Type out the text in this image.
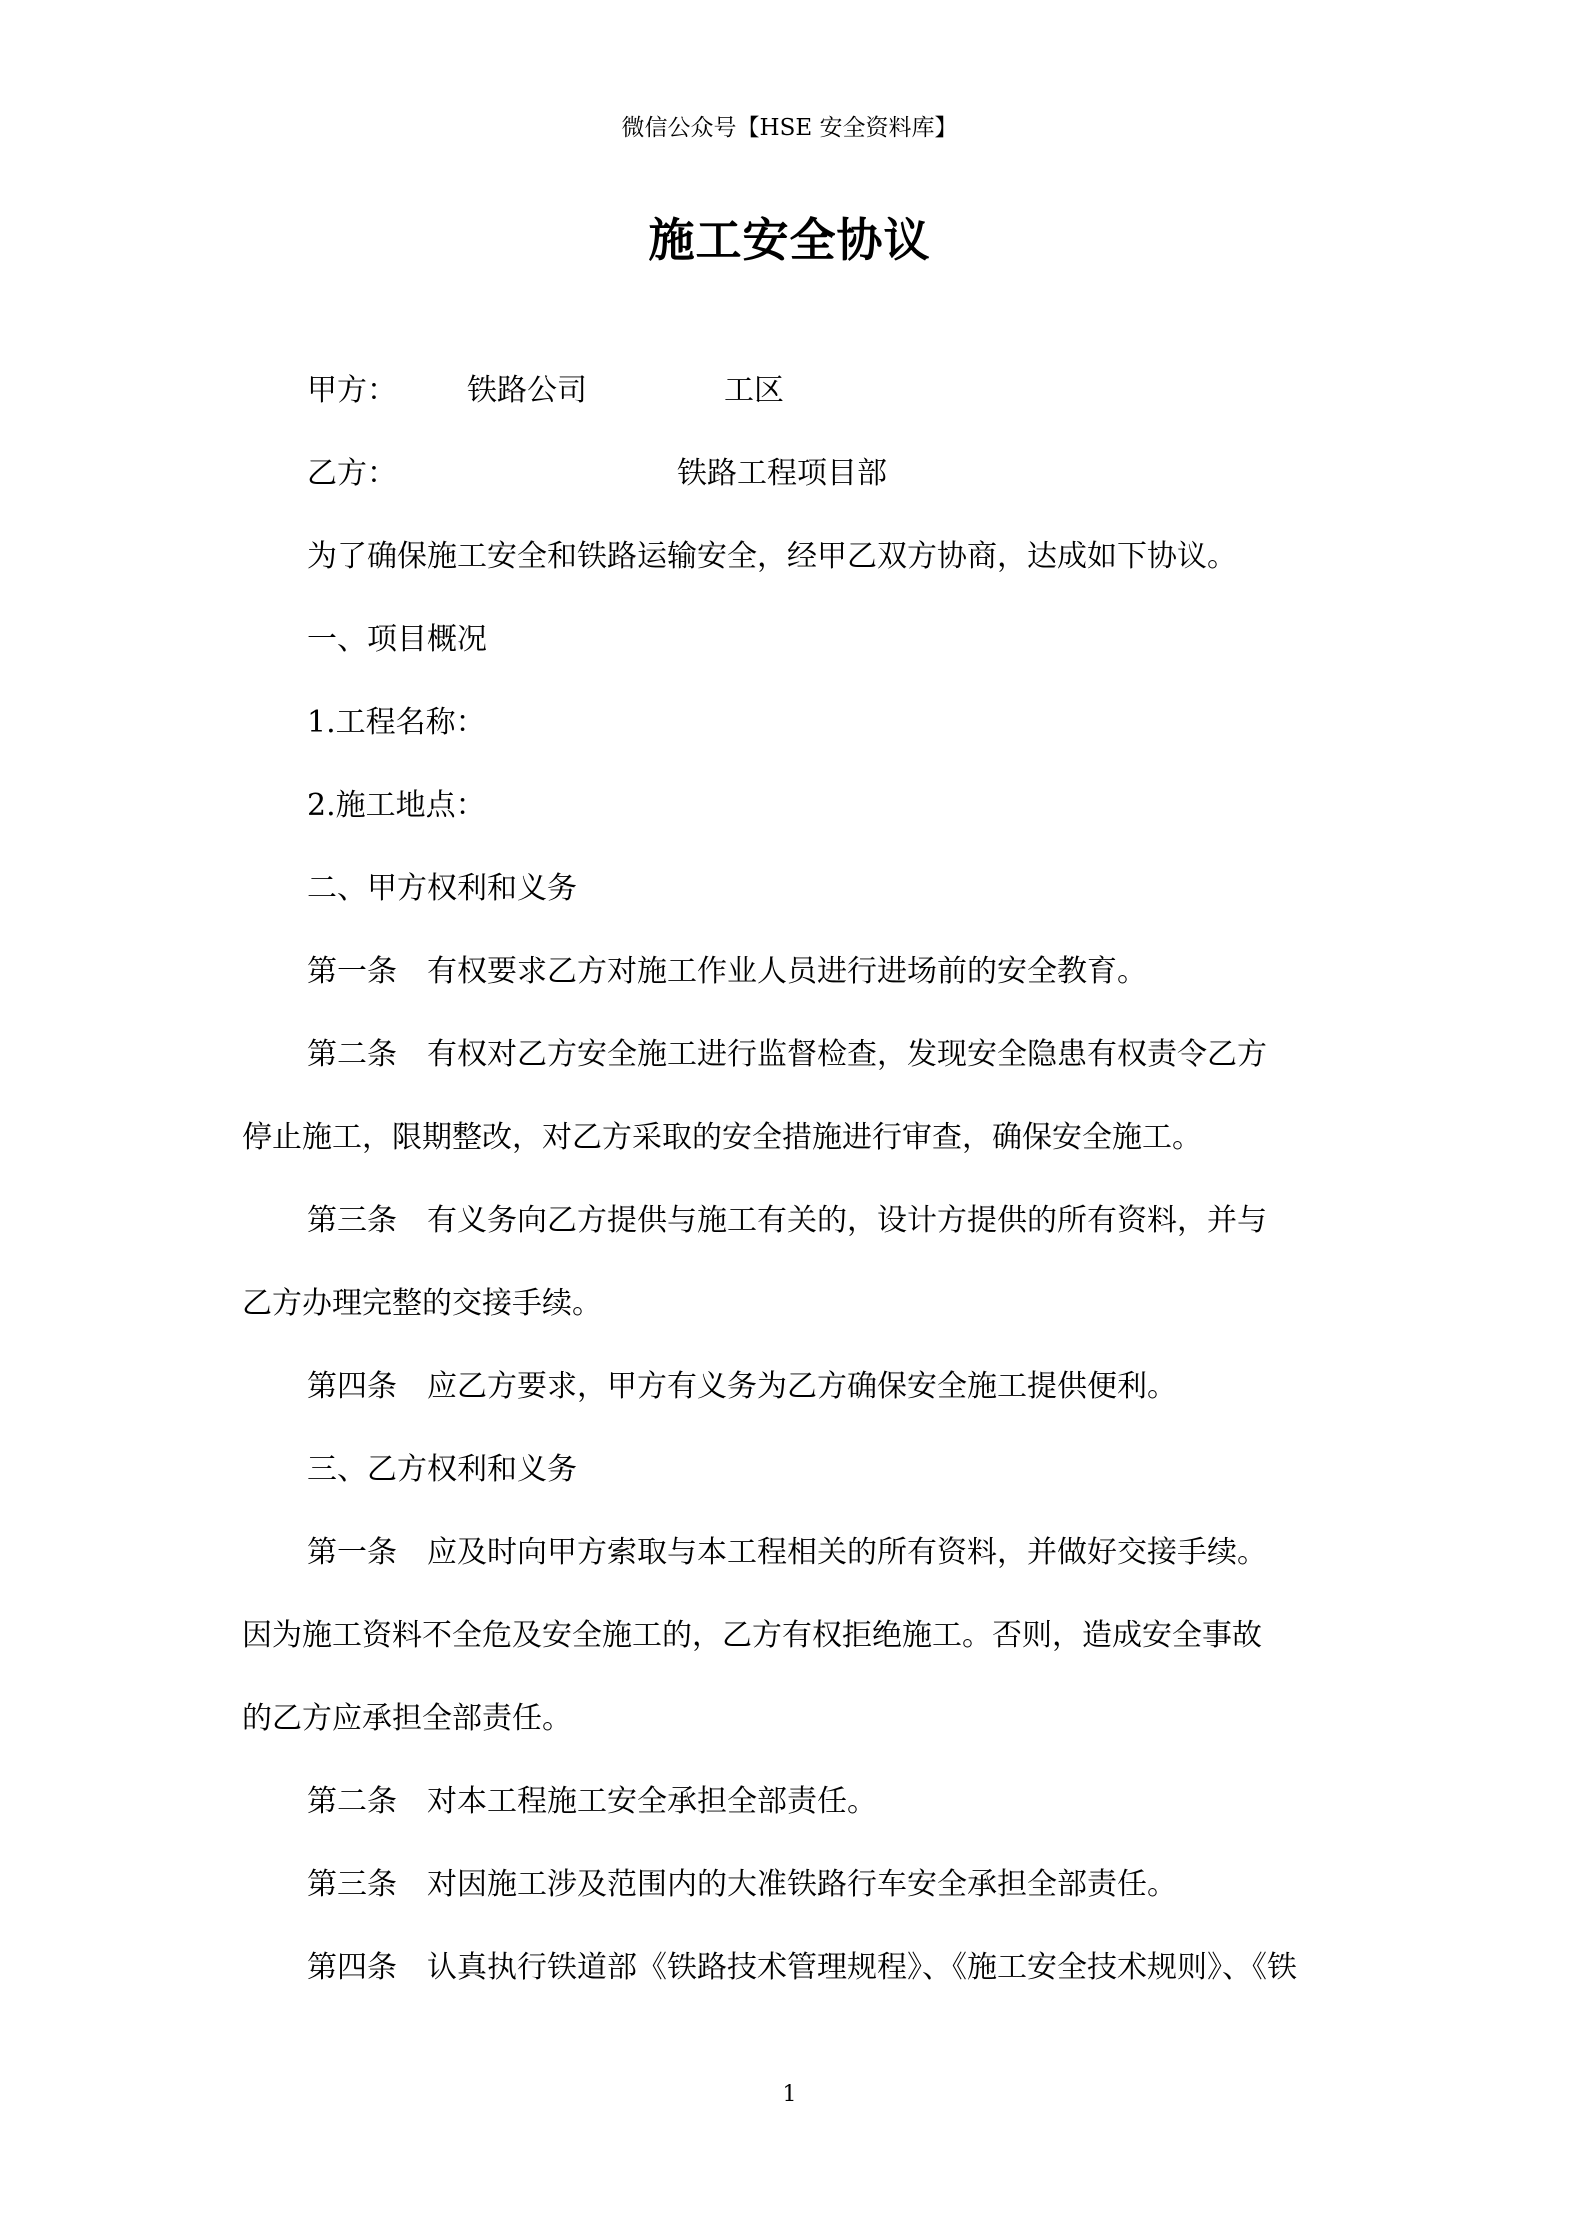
微信公众号【HSE 安全资料库】
施工安全协议
甲方： 铁路公司	工区
乙方：	铁路工程项目部
为了确保施工安全和铁路运输安全，经甲乙双方协商，达成如下协议。
一、项目概况
1.工程名称：
2.施工地点：
二、甲方权利和义务
第一条　有权要求乙方对施工作业人员进行进场前的安全教育。
第二条　有权对乙方安全施工进行监督检查，发现安全隐患有权责令乙方
停止施工，限期整改，对乙方采取的安全措施进行审查，确保安全施工。
第三条　有义务向乙方提供与施工有关的，设计方提供的所有资料，并与
乙方办理完整的交接手续。
第四条　应乙方要求，甲方有义务为乙方确保安全施工提供便利。
三、乙方权利和义务
第一条　应及时向甲方索取与本工程相关的所有资料，并做好交接手续。
因为施工资料不全危及安全施工的，乙方有权拒绝施工。否则，造成安全事故
的乙方应承担全部责任。
第二条　对本工程施工安全承担全部责任。
第三条　对因施工涉及范围内的大准铁路行车安全承担全部责任。
第四条　认真执行铁道部《铁路技术管理规程》、《施工安全技术规则》、《铁
1
